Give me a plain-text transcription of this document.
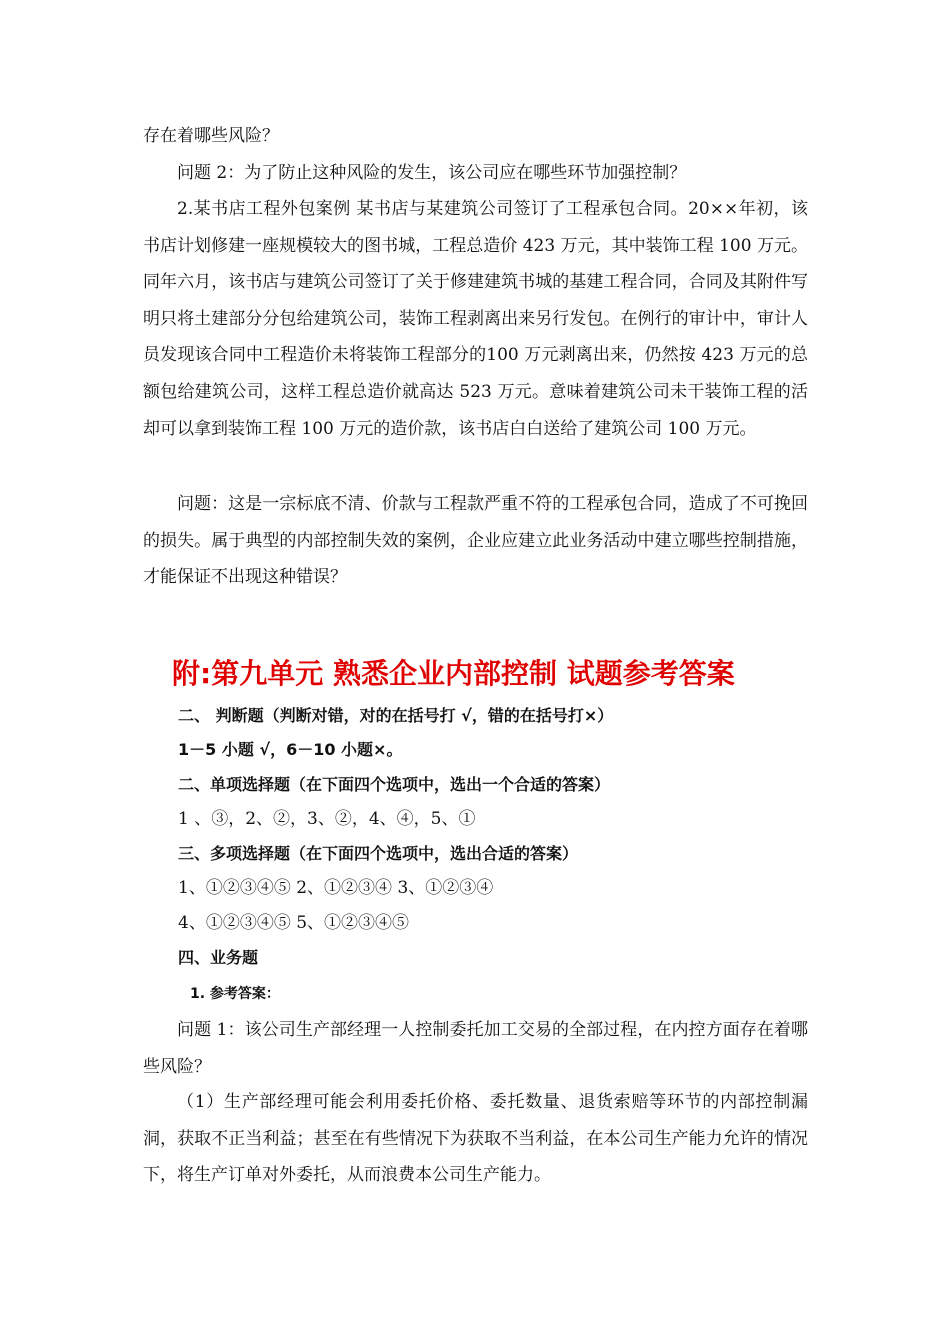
存在着哪些风险？
问题 2：为了防止这种风险的发生，该公司应在哪些环节加强控制？

2.某书店工程外包案例 某书店与某建筑公司签订了工程承包合同。20××年初，该书店计划修建一座规模较大的图书城，工程总造价 423 万元，其中装饰工程 100 万元。同年六月，该书店与建筑公司签订了关于修建建筑书城的基建工程合同，合同及其附件写明只将土建部分分包给建筑公司，装饰工程剥离出来另行发包。在例行的审计中，审计人员发现该合同中工程造价未将装饰工程部分的100 万元剥离出来，仍然按 423 万元的总额包给建筑公司，这样工程总造价就高达 523 万元。意味着建筑公司未干装饰工程的活却可以拿到装饰工程 100 万元的造价款，该书店白白送给了建筑公司 100 万元。

问题：这是一宗标底不清、价款与工程款严重不符的工程承包合同，造成了不可挽回的损失。属于典型的内部控制失效的案例，企业应建立此业务活动中建立哪些控制措施，才能保证不出现这种错误？

附:第九单元 熟悉企业内部控制 试题参考答案
二、 判断题（判断对错，对的在括号打 √，错的在括号打×）
1－5 小题 √，6－10 小题×。
二、单项选择题（在下面四个选项中，选出一个合适的答案）
1 、③，2、②，3、②，4、④，5、①
三、多项选择题（在下面四个选项中，选出合适的答案）
1、①②③④⑤ 2、①②③④ 3、①②③④
4、①②③④⑤ 5、①②③④⑤
四、业务题
1. 参考答案：

问题 1：该公司生产部经理一人控制委托加工交易的全部过程，在内控方面存在着哪些风险？

（1）生产部经理可能会利用委托价格、委托数量、退货索赔等环节的内部控制漏洞，获取不正当利益；甚至在有些情况下为获取不当利益，在本公司生产能力允许的情况下，将生产订单对外委托，从而浪费本公司生产能力。
